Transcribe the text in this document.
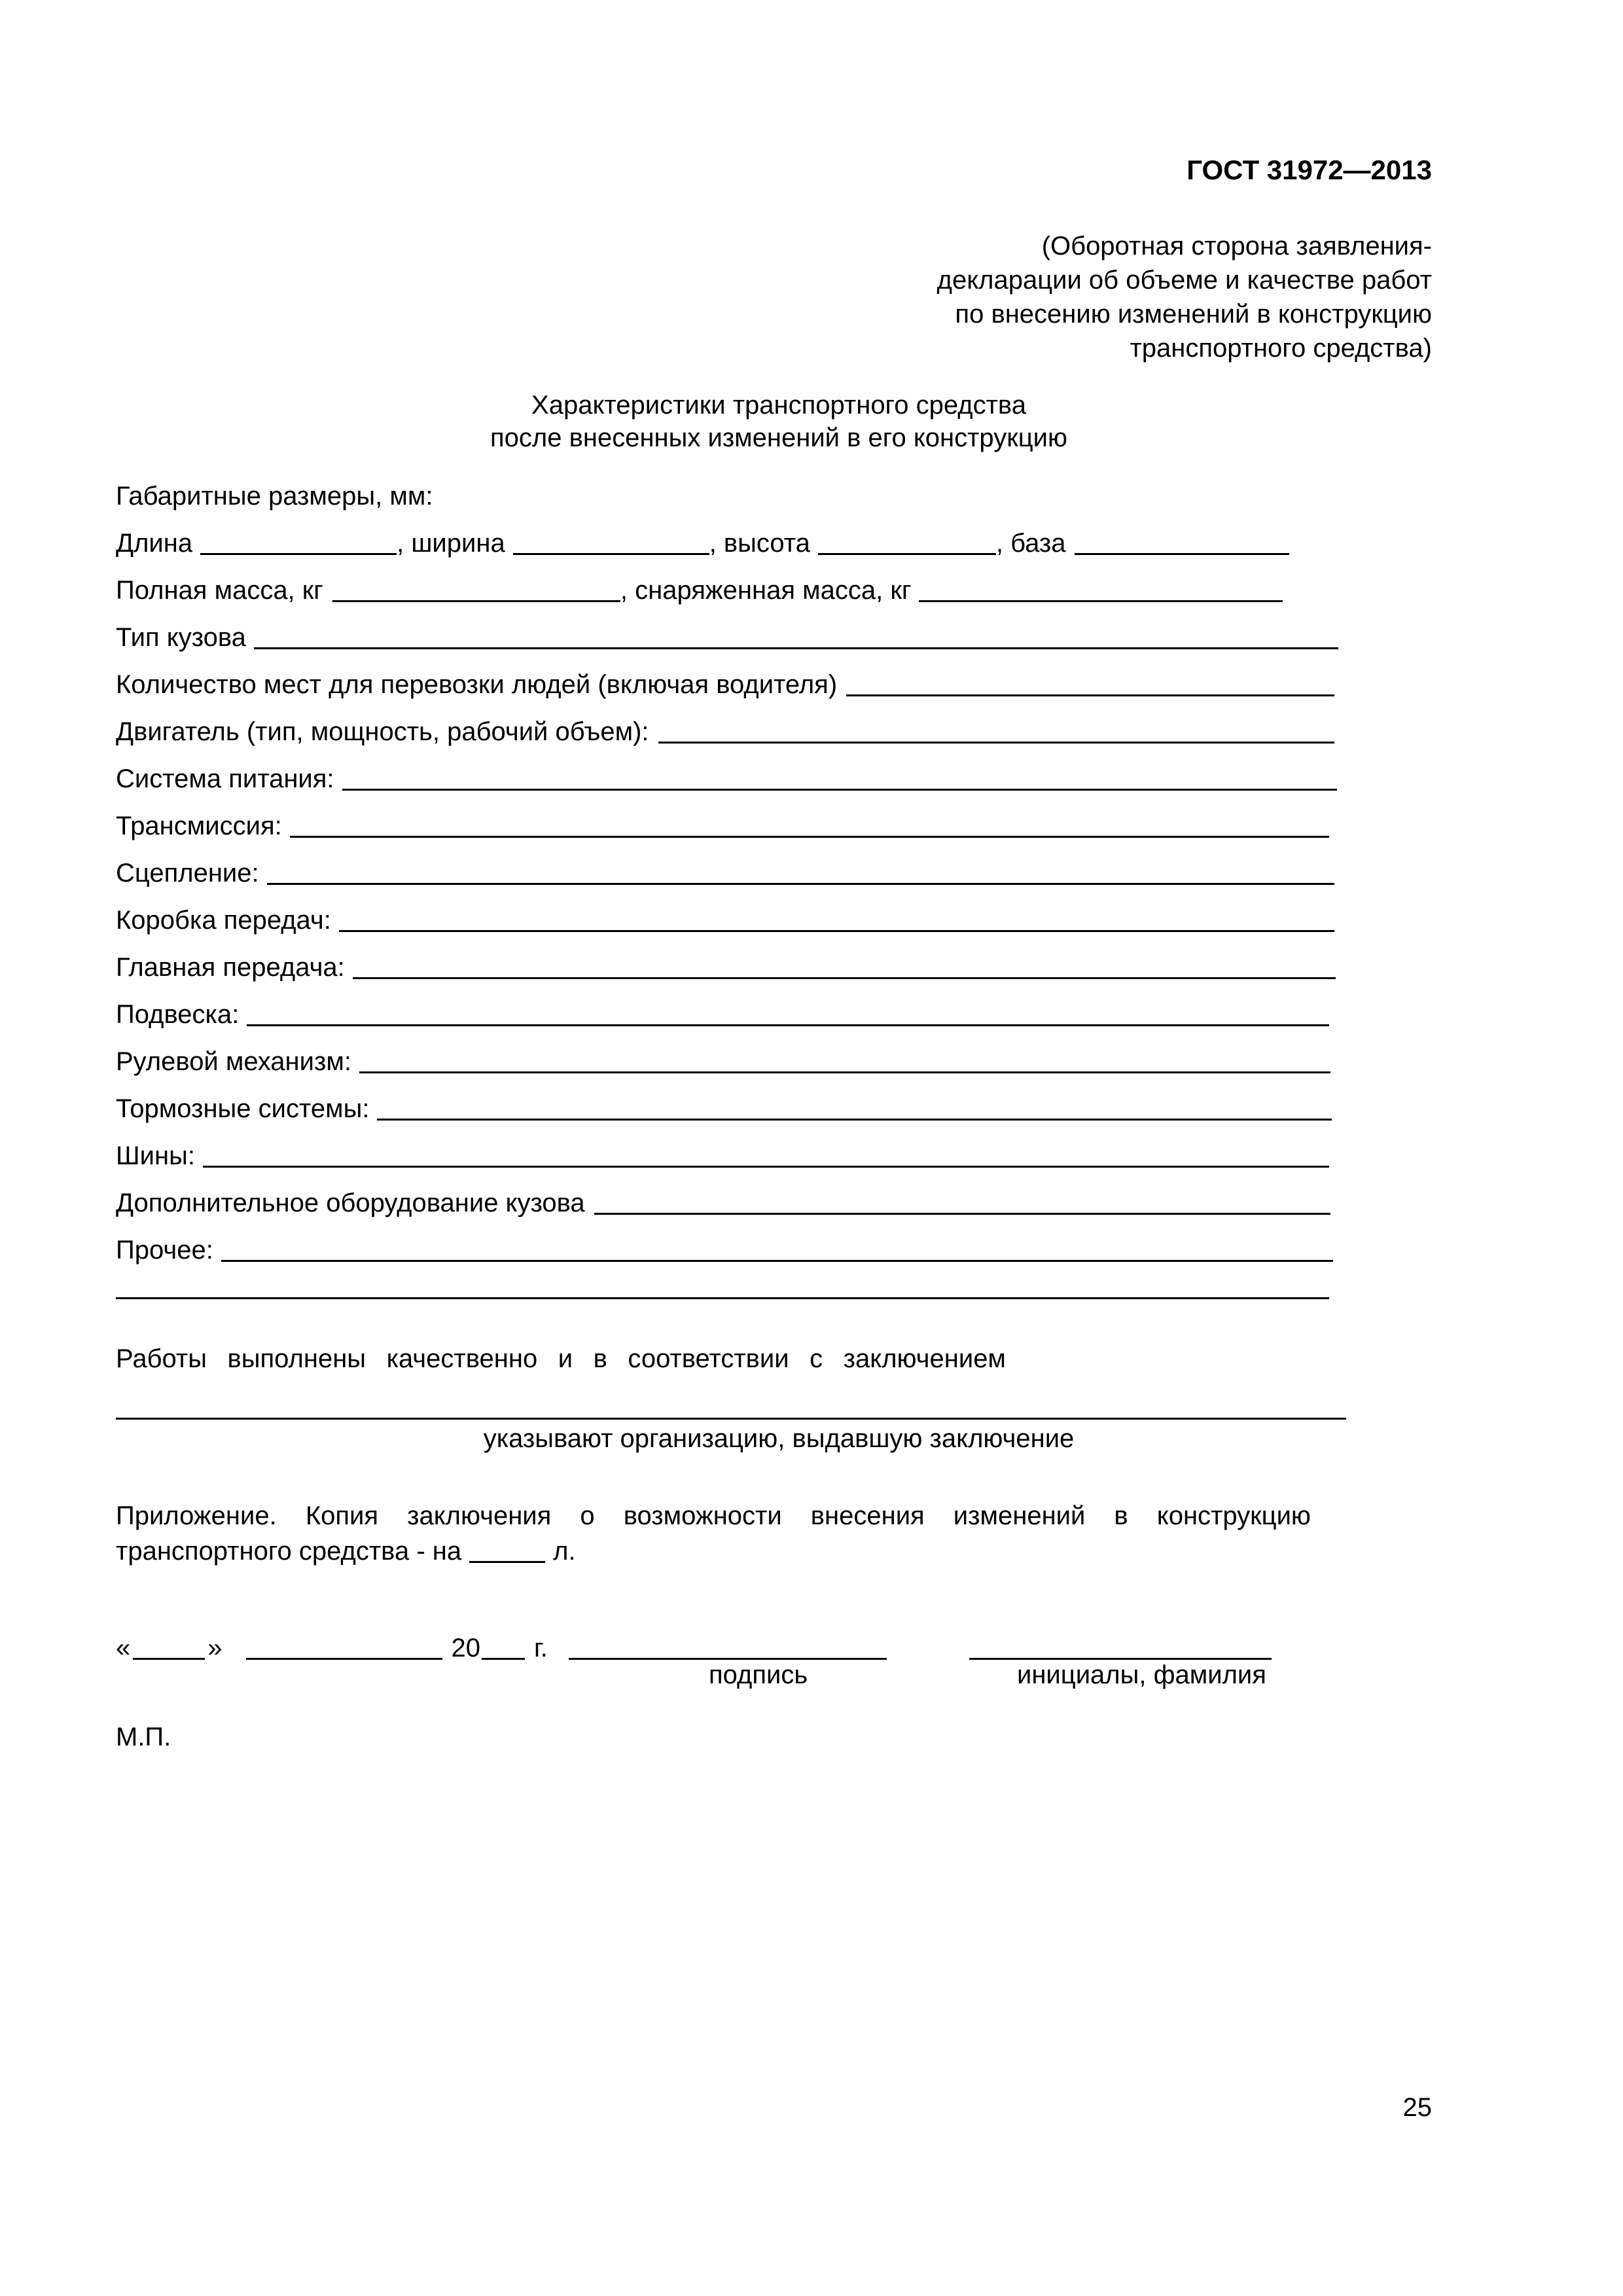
ГОСТ 31972—2013
(Оборотная сторона заявления-
декларации об объеме и качестве работ
по внесению изменений в конструкцию
транспортного средства)
Характеристики транспортного средства
после внесенных изменений в его конструкцию
Габаритные размеры, мм:
Длина	, ширина	, высота	, база
Полная масса, кг	, снаряженная масса, кг
Тип кузова
Количество мест для перевозки людей (включая водителя)
Двигатель (тип, мощность, рабочий объем):
Система питания:
Трансмиссия:
Сцепление:
Коробка передач:
Главная передача:
Подвеска:
Рулевой механизм:
Тормозные системы:
Шины:
Дополнительное оборудование кузова
Прочее:
Работы выполнены качественно и в соответствии с заключением
указывают организацию, выдавшую заключение
Приложение. Копия заключения о возможности внесения изменений в конструкцию
транспортного средства - на	л.
«	»	20 г.
подпись	инициалы, фамилия
М.П.
25
